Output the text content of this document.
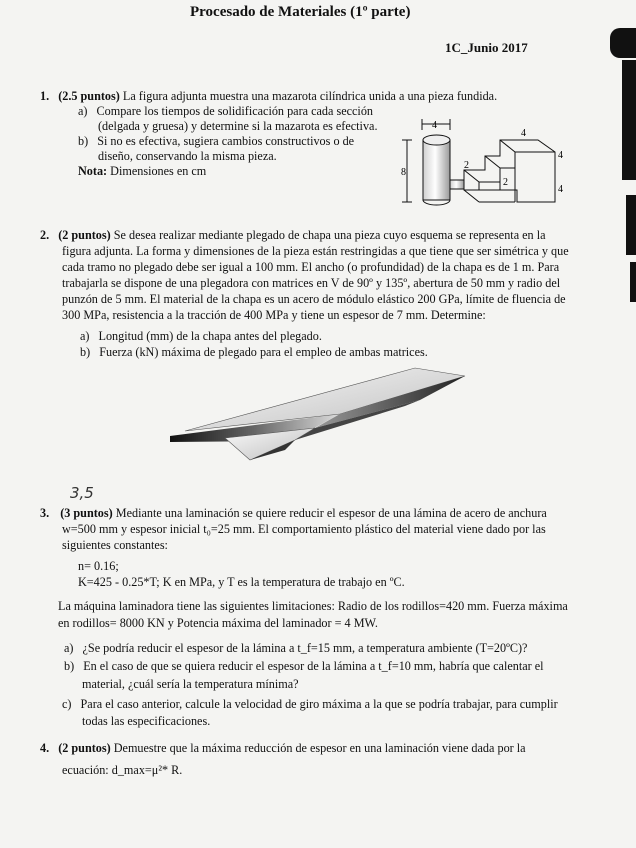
Procesado de Materiales (1º parte)
1C_Junio 2017
1. (2.5 puntos) La figura adjunta muestra una mazarota cilíndrica unida a una pieza fundida.
a) Compare los tiempos de solidificación para cada sección
(delgada y gruesa) y determine si la mazarota es efectiva.
b) Si no es efectiva, sugiera cambios constructivos o de
diseño, conservando la misma pieza.
Nota: Dimensiones en cm
4
8
2
2
4
4
4
2. (2 puntos) Se desea realizar mediante plegado de chapa una pieza cuyo esquema se representa en la
figura adjunta. La forma y dimensiones de la pieza están restringidas a que tiene que ser simétrica y que
cada tramo no plegado debe ser igual a 100 mm. El ancho (o profundidad) de la chapa es de 1 m. Para
trabajarla se dispone de una plegadora con matrices en V de 90º y 135º, abertura de 50 mm y radio del
punzón de 5 mm. El material de la chapa es un acero de módulo elástico 200 GPa, límite de fluencia de
300 MPa, resistencia a la tracción de 400 MPa y tiene un espesor de 7 mm. Determine:
a) Longitud (mm) de la chapa antes del plegado.
b) Fuerza (kN) máxima de plegado para el empleo de ambas matrices.
3,5
3. (3 puntos) Mediante una laminación se quiere reducir el espesor de una lámina de acero de anchura
w=500 mm y espesor inicial t₀=25 mm. El comportamiento plástico del material viene dado por las
siguientes constantes:
n= 0.16;
K=425 - 0.25*T; K en MPa, y T es la temperatura de trabajo en ºC.
La máquina laminadora tiene las siguientes limitaciones: Radio de los rodillos=420 mm. Fuerza máxima
en rodillos= 8000 KN y Potencia máxima del laminador = 4 MW.
a) ¿Se podría reducir el espesor de la lámina a t_f=15 mm, a temperatura ambiente (T=20ºC)?
b) En el caso de que se quiera reducir el espesor de la lámina a t_f=10 mm, habría que calentar el
material, ¿cuál sería la temperatura mínima?
c) Para el caso anterior, calcule la velocidad de giro máxima a la que se podría trabajar, para cumplir
todas las especificaciones.
4. (2 puntos) Demuestre que la máxima reducción de espesor en una laminación viene dada por la
ecuación: d_max=μ²* R.
